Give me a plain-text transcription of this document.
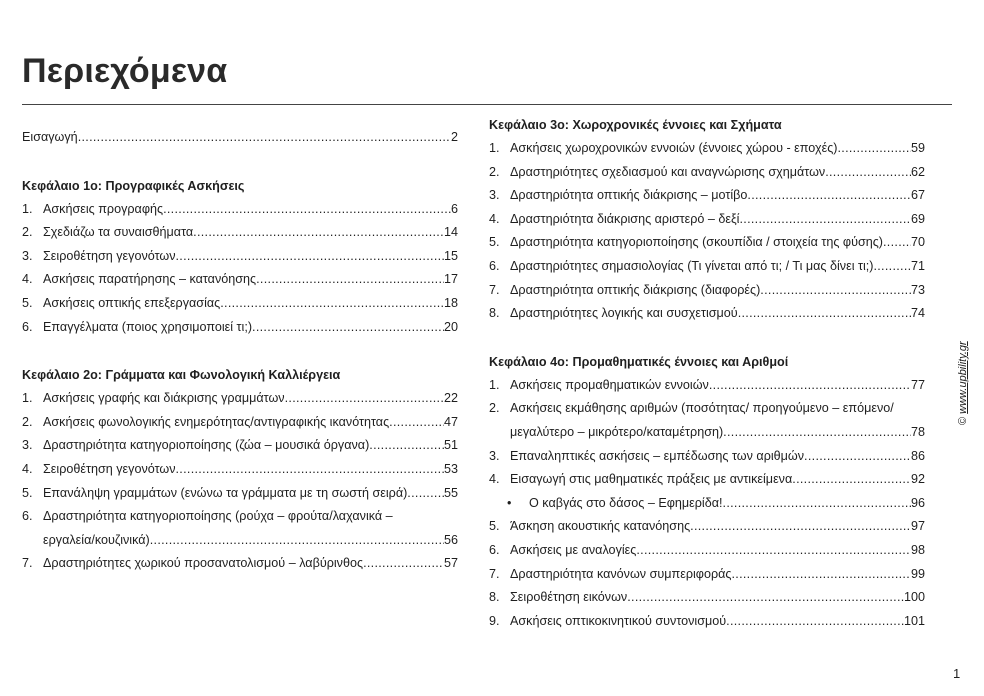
Περιεχόμενα
Εισαγωγή .....	2
Κεφάλαιο 1ο: Προγραφικές Ασκήσεις
1. Ασκήσεις προγραφής .....	6
2. Σχεδιάζω τα συναισθήματα .....	14
3. Σειροθέτηση γεγονότων .....	15
4. Ασκήσεις παρατήρησης – κατανόησης .....	17
5. Ασκήσεις οπτικής επεξεργασίας .....	18
6. Επαγγέλματα (ποιος χρησιμοποιεί τι;) .....	20
Κεφάλαιο 2ο: Γράμματα και Φωνολογική Καλλιέργεια
1. Ασκήσεις γραφής και διάκρισης γραμμάτων .....	22
2. Ασκήσεις φωνολογικής ενημερότητας/αντιγραφικής ικανότητας .....	47
3. Δραστηριότητα κατηγοριοποίησης (ζώα – μουσικά όργανα) .....	51
4. Σειροθέτηση γεγονότων .....	53
5. Επανάληψη γραμμάτων (ενώνω τα γράμματα με τη σωστή σειρά) .....	55
6. Δραστηριότητα κατηγοριοποίησης (ρούχα – φρούτα/λαχανικά –
εργαλεία/κουζινικά) .....	56
7. Δραστηριότητες χωρικού προσανατολισμού – λαβύρινθος .....	57
Κεφάλαιο 3ο: Χωροχρονικές έννοιες και Σχήματα
1. Ασκήσεις χωροχρονικών εννοιών (έννοιες χώρου - εποχές) .....	59
2. Δραστηριότητες σχεδιασμού και αναγνώρισης σχημάτων .....	62
3. Δραστηριότητα οπτικής διάκρισης – μοτίβο .....	67
4. Δραστηριότητα διάκρισης αριστερό – δεξί .....	69
5. Δραστηριότητα κατηγοριοποίησης (σκουπίδια / στοιχεία της φύσης) ..... 70
6. Δραστηριότητες σημασιολογίας (Τι γίνεται από τι; / Τι μας δίνει τι;) .....	71
7. Δραστηριότητα οπτικής διάκρισης (διαφορές) .....	73
8. Δραστηριότητες λογικής και συσχετισμού .....	74
Κεφάλαιο 4ο: Προμαθηματικές έννοιες και Αριθμοί
1. Ασκήσεις προμαθηματικών εννοιών .....	77
2. Ασκήσεις εκμάθησης αριθμών (ποσότητας/ προηγούμενο – επόμενο/
μεγαλύτερο – μικρότερο/καταμέτρηση) .....	78
3. Επαναληπτικές ασκήσεις – εμπέδωσης των αριθμών .....	86
4. Εισαγωγή στις μαθηματικές πράξεις με αντικείμενα .....	92
•	Ο καβγάς στο δάσος – Εφημερίδα! .....	96
5. Άσκηση ακουστικής κατανόησης .....	97
6. Ασκήσεις με αναλογίες .....	98
7. Δραστηριότητα κανόνων συμπεριφοράς .....	99
8. Σειροθέτηση εικόνων .....	100
9. Ασκήσεις οπτικοκινητικού συντονισμού .....	101
© www.upbility.gr
1
